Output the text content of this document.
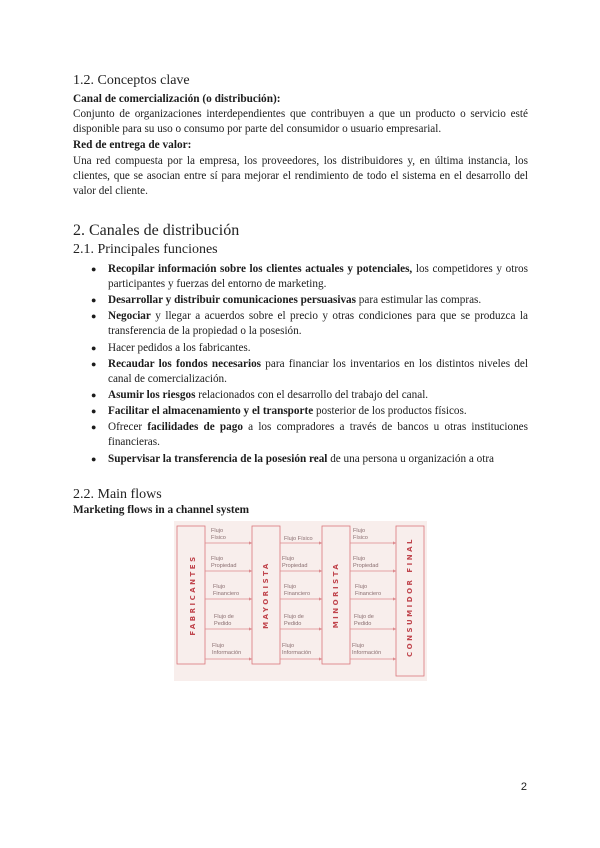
1.2. Conceptos clave

Canal de comercialización (o distribución):

Conjunto de organizaciones interdependientes que contribuyen a que un producto o servicio esté disponible para su uso o consumo por parte del consumidor o usuario empresarial.

Red de entrega de valor:

Una red compuesta por la empresa, los proveedores, los distribuidores y, en última instancia, los clientes, que se asocian entre sí para mejorar el rendimiento de todo el sistema en el desarrollo del valor del cliente.

2. Canales de distribución
2.1. Principales funciones
● Recopilar información sobre los clientes actuales y potenciales, los competidores y otros participantes y fuerzas del entorno de marketing.
● Desarrollar y distribuir comunicaciones persuasivas para estimular las compras.
● Negociar y llegar a acuerdos sobre el precio y otras condiciones para que se produzca la transferencia de la propiedad o la posesión.
● Hacer pedidos a los fabricantes.
● Recaudar los fondos necesarios para financiar los inventarios en los distintos niveles del canal de comercialización.
● Asumir los riesgos relacionados con el desarrollo del trabajo del canal.
● Facilitar el almacenamiento y el transporte posterior de los productos físicos.
● Ofrecer facilidades de pago a los compradores a través de bancos u otras instituciones financieras.
● Supervisar la transferencia de la posesión real de una persona u organización a otra
2.2. Main flows

Marketing flows in a channel system

FABRICANTES	MAYORISTA	MINORISTA	CONSUMIDOR FINAL
Flujo
Físico
Flujo
Propiedad
Flujo
Financiero
Flujo de
Pedido
Flujo
Información
Flujo Físico
Flujo
Propiedad
Flujo
Financiero
Flujo de
Pedido
Flujo
Información
Flujo
Físico
Flujo
Propiedad
Flujo
Financiero
Flujo de
Pedido
Flujo
Información
2
